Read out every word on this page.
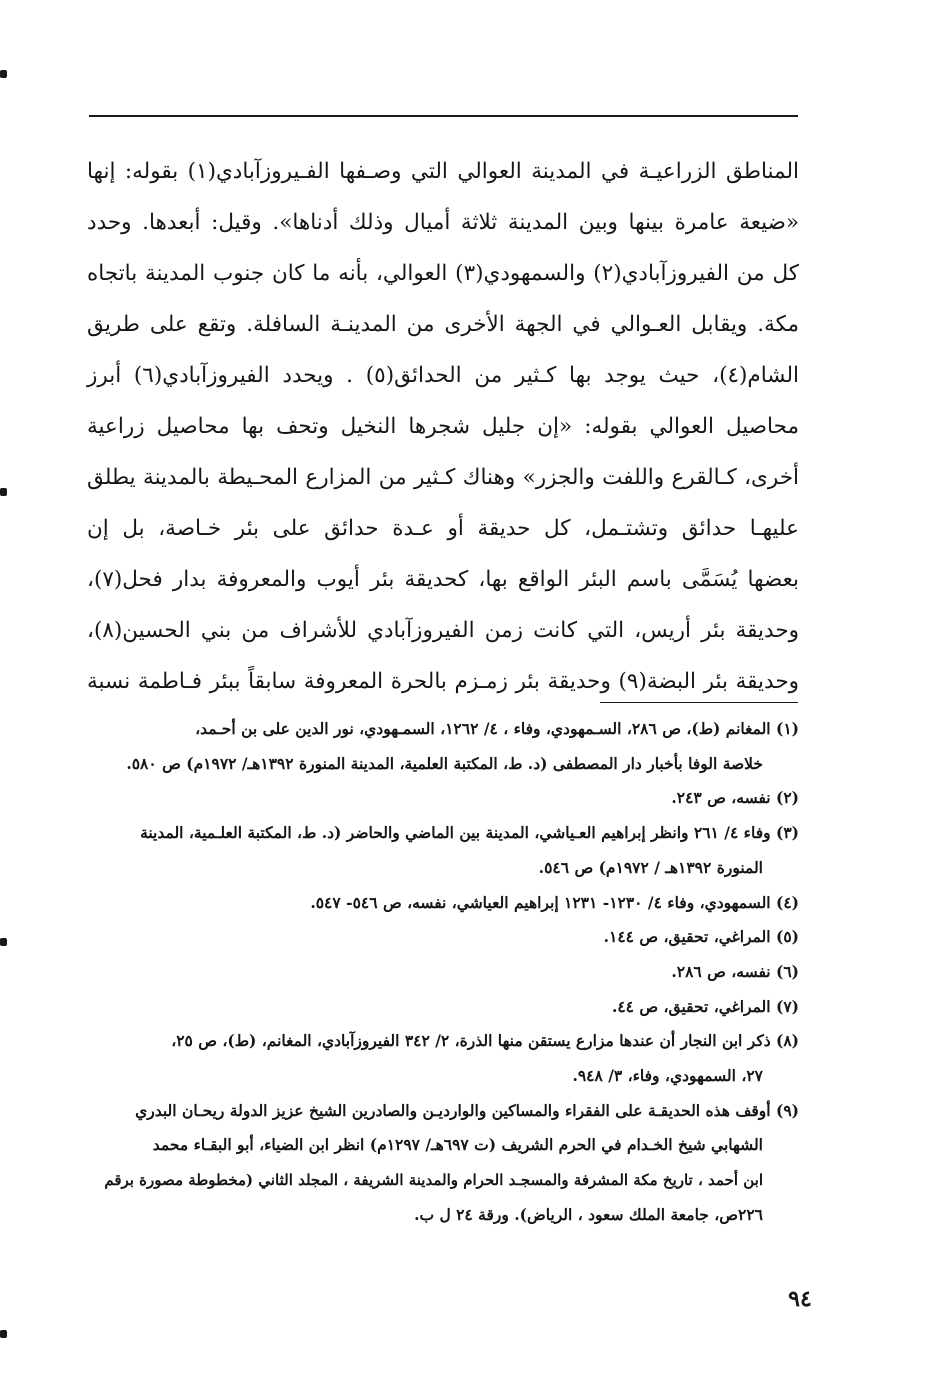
المناطق الزراعيـة في المدينة العوالي التي وصـفها الفـيروزآبادي(١) بقوله: إنها
«ضيعة عامرة بينها وبين المدينة ثلاثة أميال وذلك أدناها». وقيل: أبعدها. وحدد
كل من الفيروزآبادي(٢) والسمهودي(٣) العوالي، بأنه ما كان جنوب المدينة باتجاه
مكة. ويقابل العـوالي في الجهة الأخرى من المدينـة السافلة. وتقع على طريق
الشام(٤)، حيث يوجد بها كـثير من الحدائق(٥) . ويحدد الفيروزآبادي(٦) أبرز
محاصيل العوالي بقوله: «إن جليل شجرها النخيل وتحف بها محاصيل زراعية
أخرى، كـالقرع واللفت والجزر» وهناك كـثير من المزارع المحـيطة بالمدينة يطلق
عليهـا حدائق وتشتـمل، كل حديقة أو عـدة حدائق على بئر خـاصة، بل إن
بعضها يُسَمَّى باسم البئر الواقع بها، كحديقة بئر أيوب والمعروفة بدار فحل(٧)،
وحديقة بئر أريس، التي كانت زمن الفيروزآبادي للأشراف من بني الحسين(٨)،
وحديقة بئر البضة(٩) وحديقة بئر زمـزم بالحرة المعروفة سابقاً ببئر فـاطمة نسبة
(١) المغانم (ط)، ص ٢٨٦، السـمهودي، وفاء ، ٤/ ١٢٦٢، السمـهودي، نور الدين على بن أحـمد،
خلاصة الوفا بأخبار دار المصطفى (د. ط، المكتبة العلمية، المدينة المنورة ١٣٩٢هـ/ ١٩٧٢م) ص ٥٨٠.
(٢) نفسه، ص ٢٤٣.
(٣) وفاء ٤/ ٢٦١ وانظر إبراهيم العـياشي، المدينة بين الماضي والحاضر (د. ط، المكتبة العلـمية، المدينة
المنورة ١٣٩٢هـ / ١٩٧٢م) ص ٥٤٦.
(٤) السمهودي، وفاء ٤/ ١٢٣٠- ١٢٣١ إبراهيم العياشي، نفسه، ص ٥٤٦- ٥٤٧.
(٥) المراغي، تحقيق، ص ١٤٤.
(٦) نفسه، ص ٢٨٦.
(٧) المراغي، تحقيق، ص ٤٤.
(٨) ذكر ابن النجار أن عندها مزارع يستقن منها الذرة، ٢/ ٣٤٢ الفيروزآبادي، المغانم، (ط)، ص ٢٥،
٢٧، السمهودي، وفاء، ٣/ ٩٤٨.
(٩) أوقف هذه الحديقـة على الفقراء والمساكين والوارديـن والصادرين الشيخ عزيز الدولة ريحـان البدري
الشهابي شيخ الخـدام في الحرم الشريف (ت ٦٩٧هـ/ ١٢٩٧م) انظر ابن الضياء، أبو البقـاء محمد
ابن أحمد ، تاريخ مكة المشرفة والمسجـد الحرام والمدينة الشريفة ، المجلد الثاني (مخطوطة مصورة برقم
٢٢٦ص، جامعة الملك سعود ، الرياض). ورقة ٢٤ ل ب.
٩٤
